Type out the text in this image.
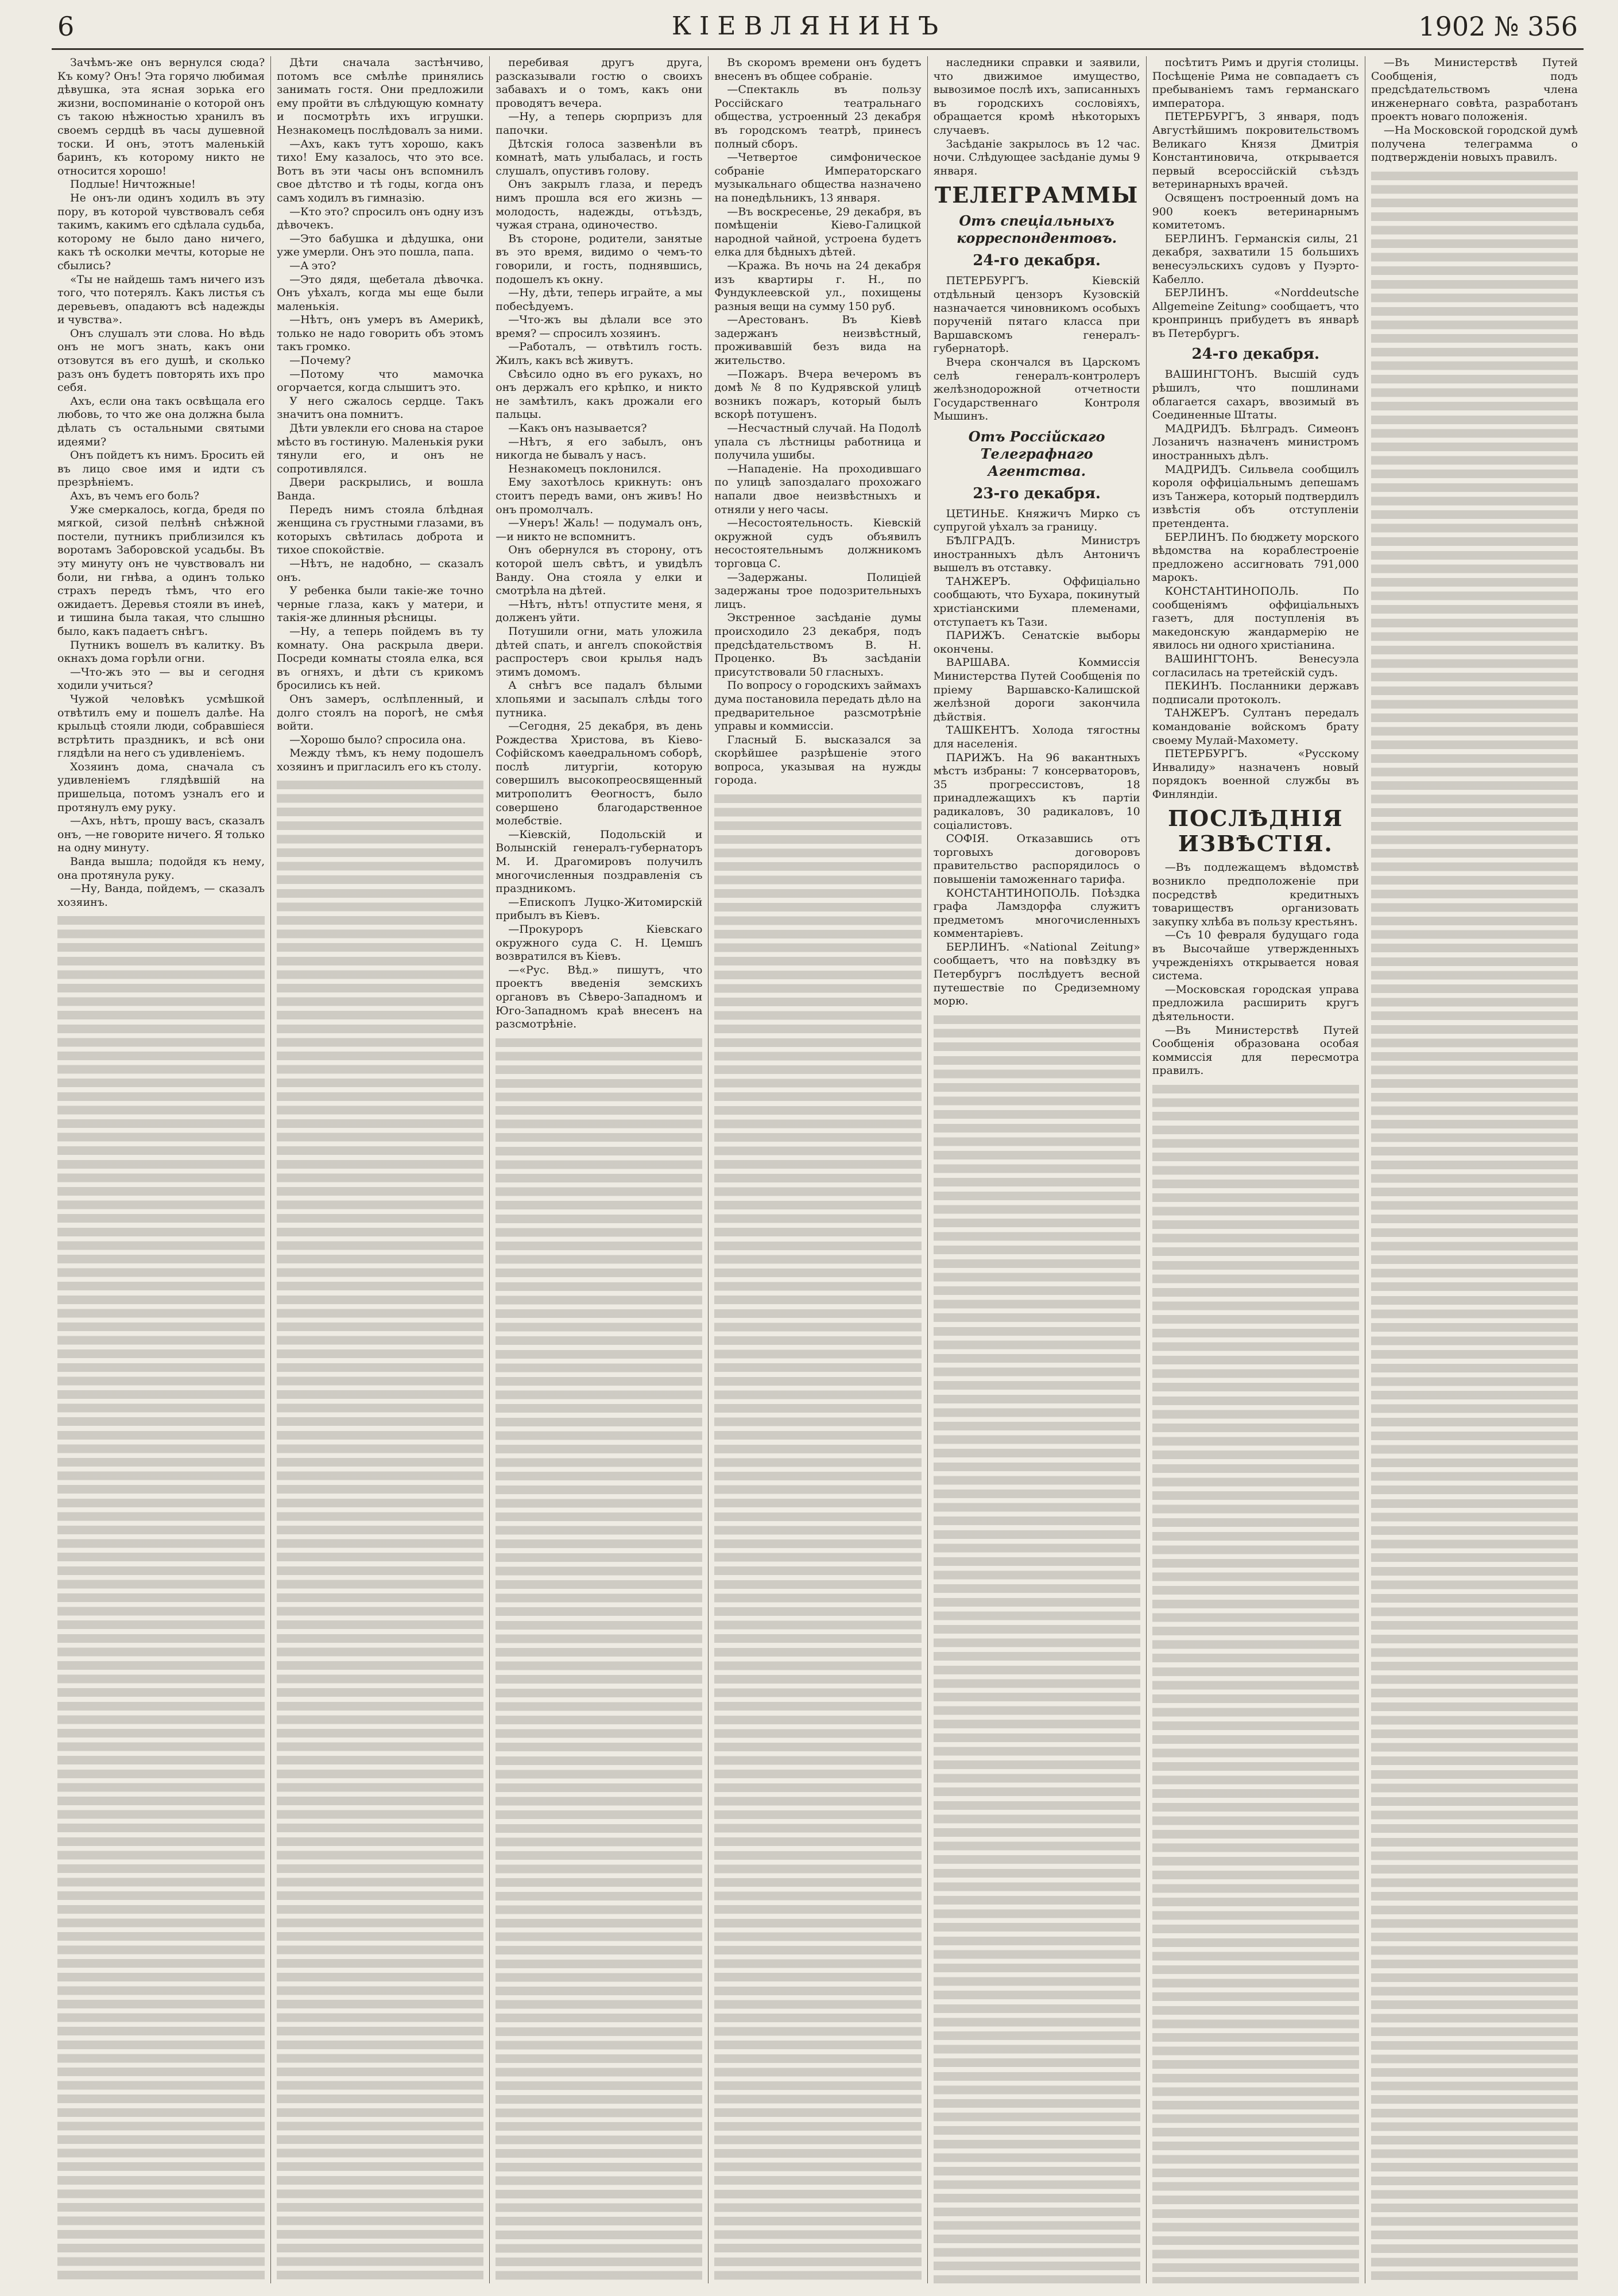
6	КIЕВЛЯНИНЪ	1902 № 356

Зачѣмъ-же онъ вернулся сюда? Къ кому? Онъ! Эта горячо любимая дѣвушка, эта ясная зорька его жизни, воспоминаніе о которой онъ съ такою нѣжностью хранилъ въ своемъ сердцѣ въ часы душевной тоски. И онъ, этотъ маленькій баринъ, къ которому никто не относится хорошо!

Подлые! Ничтожные!

Не онъ-ли одинъ ходилъ въ эту пору, въ которой чувствовалъ себя такимъ, какимъ его сдѣлала судьба, которому не было дано ничего, какъ тѣ осколки мечты, которые не сбылись?

«Ты не найдешь тамъ ничего изъ того, что потерялъ. Какъ листья съ деревьевъ, опадаютъ всѣ надежды и чувства».

Онъ слушалъ эти слова. Но вѣдь онъ не могъ знать, какъ они отзовутся въ его душѣ, и сколько разъ онъ будетъ повторять ихъ про себя.

Ахъ, если она такъ освѣщала его любовь, то что же она должна была дѣлать съ остальными святыми идеями?

Онъ пойдетъ къ нимъ. Бросить ей въ лицо свое имя и идти съ презрѣніемъ.

Ахъ, въ чемъ его боль?

Уже смеркалось, когда, бредя по мягкой, сизой пелѣнѣ снѣжной постели, путникъ приблизился къ воротамъ Заборовской усадьбы. Въ эту минуту онъ не чувствовалъ ни боли, ни гнѣва, а одинъ только страхъ передъ тѣмъ, что его ожидаетъ. Деревья стояли въ инеѣ, и тишина была такая, что слышно было, какъ падаетъ снѣгъ.

Путникъ вошелъ въ калитку. Въ окнахъ дома горѣли огни.

—Что-жъ это — вы и сегодня ходили учиться?

Чужой человѣкъ усмѣшкой отвѣтилъ ему и пошелъ далѣе. На крыльцѣ стояли люди, собравшіеся встрѣтить праздникъ, и всѣ они глядѣли на него съ удивленіемъ.

Хозяинъ дома, сначала съ удивленіемъ глядѣвшій на пришельца, потомъ узналъ его и протянулъ ему руку.

—Ахъ, нѣтъ, прошу васъ, сказалъ онъ, —не говорите ничего. Я только на одну минуту.

Ванда вышла; подойдя къ нему, она протянула руку.

—Ну, Ванда, пойдемъ, — сказалъ хозяинъ.

Дѣти сначала застѣнчиво, потомъ все смѣлѣе принялись занимать гостя. Они предложили ему пройти въ слѣдующую комнату и посмотрѣть ихъ игрушки. Незнакомецъ послѣдовалъ за ними.

—Ахъ, какъ тутъ хорошо, какъ тихо! Ему казалось, что это все. Вотъ въ эти часы онъ вспомнилъ свое дѣтство и тѣ годы, когда онъ самъ ходилъ въ гимназію.

—Кто это? спросилъ онъ одну изъ дѣвочекъ.

—Это бабушка и дѣдушка, они уже умерли. Онъ это пошла, папа.

—А это?

—Это дядя, щебетала дѣвочка. Онъ уѣхалъ, когда мы еще были маленькія.

—Нѣтъ, онъ умеръ въ Америкѣ, только не надо говорить объ этомъ такъ громко.

—Почему?

—Потому что мамочка огорчается, когда слышитъ это.

У него сжалось сердце. Такъ значитъ она помнитъ.

Дѣти увлекли его снова на старое мѣсто въ гостиную. Маленькія руки тянули его, и онъ не сопротивлялся.

Двери раскрылись, и вошла Ванда.

Передъ нимъ стояла блѣдная женщина съ грустными глазами, въ которыхъ свѣтилась доброта и тихое спокойствіе.

—Нѣтъ, не надобно, — сказалъ онъ.

У ребенка были такіе-же точно черные глаза, какъ у матери, и такія-же длинныя рѣсницы.

—Ну, а теперь пойдемъ въ ту комнату. Она раскрыла двери. Посреди комнаты стояла елка, вся въ огняхъ, и дѣти съ крикомъ бросились къ ней.

Онъ замеръ, ослѣпленный, и долго стоялъ на порогѣ, не смѣя войти.

—Хорошо было? спросила она.

Между тѣмъ, къ нему подошелъ хозяинъ и пригласилъ его къ столу.

перебивая другъ друга, разсказывали гостю о своихъ забавахъ и о томъ, какъ они проводятъ вечера.

—Ну, а теперь сюрпризъ для папочки.

Дѣтскія голоса зазвенѣли въ комнатѣ, мать улыбалась, и гость слушалъ, опустивъ голову.

Онъ закрылъ глаза, и передъ нимъ прошла вся его жизнь — молодость, надежды, отъѣздъ, чужая страна, одиночество.

Въ стороне, родители, занятые въ это время, видимо о чемъ-то говорили, и гость, поднявшись, подошелъ къ окну.

—Ну, дѣти, теперь играйте, а мы побесѣдуемъ.

—Что-жъ вы дѣлали все это время? — спросилъ хозяинъ.

—Работалъ, — отвѣтилъ гость. Жилъ, какъ всѣ живутъ.

Свѣсило одно въ его рукахъ, но онъ держалъ его крѣпко, и никто не замѣтилъ, какъ дрожали его пальцы.

—Какъ онъ называется?

—Нѣтъ, я его забылъ, онъ никогда не бывалъ у насъ.

Незнакомецъ поклонился.

Ему захотѣлось крикнуть: онъ стоитъ передъ вами, онъ живъ! Но онъ промолчалъ.

—Унеръ! Жаль! — подумалъ онъ, —и никто не вспомнитъ.

Онъ обернулся въ сторону, отъ которой шелъ свѣтъ, и увидѣлъ Ванду. Она стояла у елки и смотрѣла на дѣтей.

—Нѣтъ, нѣтъ! отпустите меня, я долженъ уйти.

Потушили огни, мать уложила дѣтей спать, и ангелъ спокойствія распростеръ свои крылья надъ этимъ домомъ.

А снѣгъ все падалъ бѣлыми хлопьями и засыпалъ слѣды того путника.

—Сегодня, 25 декабря, въ день Рождества Христова, въ Кіево-Софійскомъ каѳедральномъ соборѣ, послѣ литургіи, которую совершилъ высокопреосвященный митрополитъ Ѳеогностъ, было совершено благодарственное молебствіе.

—Кіевскій, Подольскій и Волынскій генералъ-губернаторъ М. И. Драгомировъ получилъ многочисленныя поздравленія съ праздникомъ.

—Епископъ Луцко-Житомирскій прибылъ въ Кіевъ.

—Прокуроръ Кіевскаго окружного суда С. Н. Цемшъ возвратился въ Кіевъ.

—«Рус. Вѣд.» пишутъ, что проектъ введенія земскихъ органовъ въ Сѣверо-Западномъ и Юго-Западномъ краѣ внесенъ на разсмотрѣніе.

Въ скоромъ времени онъ будетъ внесенъ въ общее собраніе.

—Спектакль въ пользу Россійскаго театральнаго общества, устроенный 23 декабря въ городскомъ театрѣ, принесъ полный сборъ.

—Четвертое симфоническое собраніе Императорскаго музыкальнаго общества назначено на понедѣльникъ, 13 января.

—Въ воскресенье, 29 декабря, въ помѣщеніи Кіево-Галицкой народной чайной, устроена будетъ елка для бѣдныхъ дѣтей.

—Кража. Въ ночь на 24 декабря изъ квартиры г. Н., по Фундуклеевской ул., похищены разныя вещи на сумму 150 руб.

—Арестованъ. Въ Кіевѣ задержанъ неизвѣстный, проживавшій безъ вида на жительство.

—Пожаръ. Вчера вечеромъ въ домѣ № 8 по Кудрявской улицѣ возникъ пожаръ, который былъ вскорѣ потушенъ.

—Несчастный случай. На Подолѣ упала съ лѣстницы работница и получила ушибы.

—Нападеніе. На проходившаго по улицѣ запоздалаго прохожаго напали двое неизвѣстныхъ и отняли у него часы.

—Несостоятельность. Кіевскій окружной судъ объявилъ несостоятельнымъ должникомъ торговца С.

—Задержаны. Полиціей задержаны трое подозрительныхъ лицъ.

Экстренное засѣданіе думы происходило 23 декабря, подъ предсѣдательствомъ В. Н. Проценко. Въ засѣданіи присутствовали 50 гласныхъ.

По вопросу о городскихъ займахъ дума постановила передать дѣло на предварительное разсмотрѣніе управы и коммиссіи.

Гласный Б. высказался за скорѣйшее разрѣшеніе этого вопроса, указывая на нужды города.

наследники справки и заявили, что движимое имущество, вывозимое послѣ ихъ, записанныхъ въ городскихъ сословіяхъ, обращается кромѣ нѣкоторыхъ случаевъ.

Засѣданіе закрылось въ 12 час. ночи. Слѣдующее засѣданіе думы 9 января.

ТЕЛЕГРАММЫ
Отъ спеціальныхъ корреспондентовъ.
24-го декабря.

ПЕТЕРБУРГЪ. Кіевскій отдѣльный цензоръ Кузовскій назначается чиновникомъ особыхъ порученій пятаго класса при Варшавскомъ генералъ-губернаторѣ.

Вчера скончался въ Царскомъ селѣ генералъ-контролеръ желѣзнодорожной отчетности Государственнаго Контроля Мышинъ.

Отъ Россійскаго Телеграфнаго Агентства.
23-го декабря.

ЦЕТИНЬЕ. Княжичъ Мирко съ супругой уѣхалъ за границу.

БѢЛГРАДЪ. Министръ иностранныхъ дѣлъ Антоничъ вышелъ въ отставку.

ТАНЖЕРЪ. Оффиціально сообщають, что Бухара, покинутый христіанскими племенами, отступаетъ къ Тази.

ПАРИЖЪ. Сенатскіе выборы окончены.

ВАРШАВА. Коммиссія Министерства Путей Сообщенія по пріему Варшавско-Калишской желѣзной дороги закончила дѣйствія.

ТАШКЕНТЪ. Холода тягостны для населенія.

ПАРИЖЪ. На 96 вакантныхъ мѣстъ избраны: 7 консерваторовъ, 35 прогрессистовъ, 18 принадлежащихъ къ партіи радикаловъ, 30 радикаловъ, 10 соціалистовъ.

СОФІЯ. Отказавшись отъ торговыхъ договоровъ правительство распорядилось о повышеніи таможеннаго тарифа.

КОНСТАНТИНОПОЛЬ. Поѣздка графа Ламздорфа служитъ предметомъ многочисленныхъ комментаріевъ.

БЕРЛИНЪ. «National Zeitung» сообщаетъ, что на повѣздку въ Петербургъ послѣдуетъ весной путешествіе по Средиземному морю.

посѣтитъ Римъ и другія столицы. Посѣщеніе Рима не совпадаетъ съ пребываніемъ тамъ германскаго императора.

ПЕТЕРБУРГЪ, 3 января, подъ Августѣйшимъ покровительствомъ Великаго Князя Дмитрія Константиновича, открывается первый всероссійскій съѣздъ ветеринарныхъ врачей.

Освященъ построенный домъ на 900 коекъ ветеринарнымъ комитетомъ.

БЕРЛИНЪ. Германскія силы, 21 декабря, захватили 15 большихъ венесуэльскихъ судовъ у Пуэрто-Кабелло.

БЕРЛИНЪ. «Norddeutsche Allgemeine Zeitung» сообщаетъ, что кронпринцъ прибудетъ въ январѣ въ Петербургъ.

24-го декабря.

ВАШИНГТОНЪ. Высшій судъ рѣшилъ, что пошлинами облагается сахаръ, ввозимый въ Соединенные Штаты.

МАДРИДЪ. Бѣлградъ. Симеонъ Лозаничъ назначенъ министромъ иностранныхъ дѣлъ.

МАДРИДЪ. Сильвела сообщилъ короля оффиціальнымъ депешамъ изъ Танжера, который подтвердилъ извѣстія объ отступленіи претендента.

БЕРЛИНЪ. По бюджету морского вѣдомства на кораблестроеніе предложено ассигновать 791,000 марокъ.

КОНСТАНТИНОПОЛЬ. По сообщеніямъ оффиціальныхъ газетъ, для поступленія въ македонскую жандармерію не явилось ни одного христіанина.

ВАШИНГТОНЪ. Венесуэла согласилась на третейскій судъ.

ПЕКИНЪ. Посланники державъ подписали протоколъ.

ТАНЖЕРЪ. Султанъ передалъ командованіе войскомъ брату своему Мулай-Махомету.

ПЕТЕРБУРГЪ. «Русскому Инвалиду» назначенъ новый порядокъ военной службы въ Финляндіи.

ПОСЛѢДНІЯ ИЗВѢСТІЯ.

—Въ подлежащемъ вѣдомствѣ возникло предположеніе при посредствѣ кредитныхъ товариществъ организовать закупку хлѣба въ пользу крестьянъ.

—Съ 10 февраля будущаго года въ Высочайше утвержденныхъ учрежденіяхъ открывается новая система.

—Московская городская управа предложила расширить кругъ дѣятельности.

—Въ Министерствѣ Путей Сообщенія образована особая коммиссія для пересмотра правилъ.

—Въ Министерствѣ Путей Сообщенія, подъ предсѣдательствомъ члена инженернаго совѣта, разработанъ проектъ новаго положенія.

—На Московской городской думѣ получена телеграмма о подтвержденіи новыхъ правилъ.
